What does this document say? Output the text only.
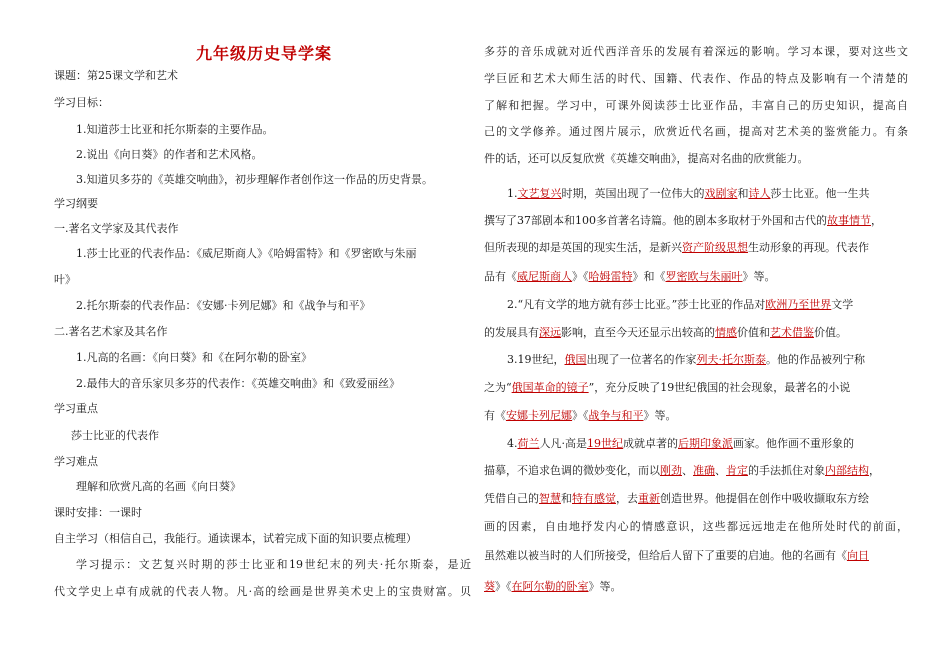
九年级历史导学案
课题：第25课文学和艺术
学习目标：
1.知道莎士比亚和托尔斯泰的主要作品。
2.说出《向日葵》的作者和艺术风格。
3.知道贝多芬的《英雄交响曲》，初步理解作者创作这一作品的历史背景。
学习纲要
一.著名文学家及其代表作
1.莎士比亚的代表作品：《威尼斯商人》《哈姆雷特》和《罗密欧与朱丽
叶》
2.托尔斯泰的代表作品：《安娜·卡列尼娜》和《战争与和平》
二.著名艺术家及其名作
1.凡高的名画：《向日葵》和《在阿尔勒的卧室》
2.最伟大的音乐家贝多芬的代表作：《英雄交响曲》和《致爱丽丝》
学习重点
莎士比亚的代表作
学习难点
理解和欣赏凡高的名画《向日葵》
课时安排：一课时
自主学习（相信自己，我能行。通读课本，试着完成下面的知识要点梳理）
学习提示：文艺复兴时期的莎士比亚和19世纪末的列夫·托尔斯泰，是近
代文学史上卓有成就的代表人物。凡·高的绘画是世界美术史上的宝贵财富。贝
多芬的音乐成就对近代西洋音乐的发展有着深远的影响。学习本课，要对这些文
学巨匠和艺术大师生活的时代、国籍、代表作、作品的特点及影响有一个清楚的
了解和把握。学习中，可课外阅读莎士比亚作品，丰富自己的历史知识，提高自
己的文学修养。通过图片展示，欣赏近代名画，提高对艺术美的鉴赏能力。有条
件的话，还可以反复欣赏《英雄交响曲》，提高对名曲的欣赏能力。
1.文艺复兴时期，英国出现了一位伟大的戏剧家和诗人莎士比亚。他一生共
撰写了37部剧本和100多首著名诗篇。他的剧本多取材于外国和古代的故事情节，
但所表现的却是英国的现实生活，是新兴资产阶级思想生动形象的再现。代表作
品有《威尼斯商人》《哈姆雷特》和《罗密欧与朱丽叶》等。
2.“凡有文学的地方就有莎士比亚。”莎士比亚的作品对欧洲乃至世界文学
的发展具有深远影响，直至今天还显示出较高的情感价值和艺术借鉴价值。
3.19世纪，俄国出现了一位著名的作家列夫·托尔斯泰。他的作品被列宁称
之为“俄国革命的镜子”，充分反映了19世纪俄国的社会现象，最著名的小说
有《安娜卡列尼娜》《战争与和平》等。
4.荷兰人凡·高是19世纪成就卓著的后期印象派画家。他作画不重形象的
描摹，不追求色调的微妙变化，而以刚劲、准确、肯定的手法抓住对象内部结构，
凭借自己的智慧和特有感觉，去重新创造世界。他提倡在创作中吸收撷取东方绘
画的因素，自由地抒发内心的情感意识，这些都远远地走在他所处时代的前面，
虽然难以被当时的人们所接受，但给后人留下了重要的启迪。他的名画有《向日
葵》《在阿尔勒的卧室》等。
